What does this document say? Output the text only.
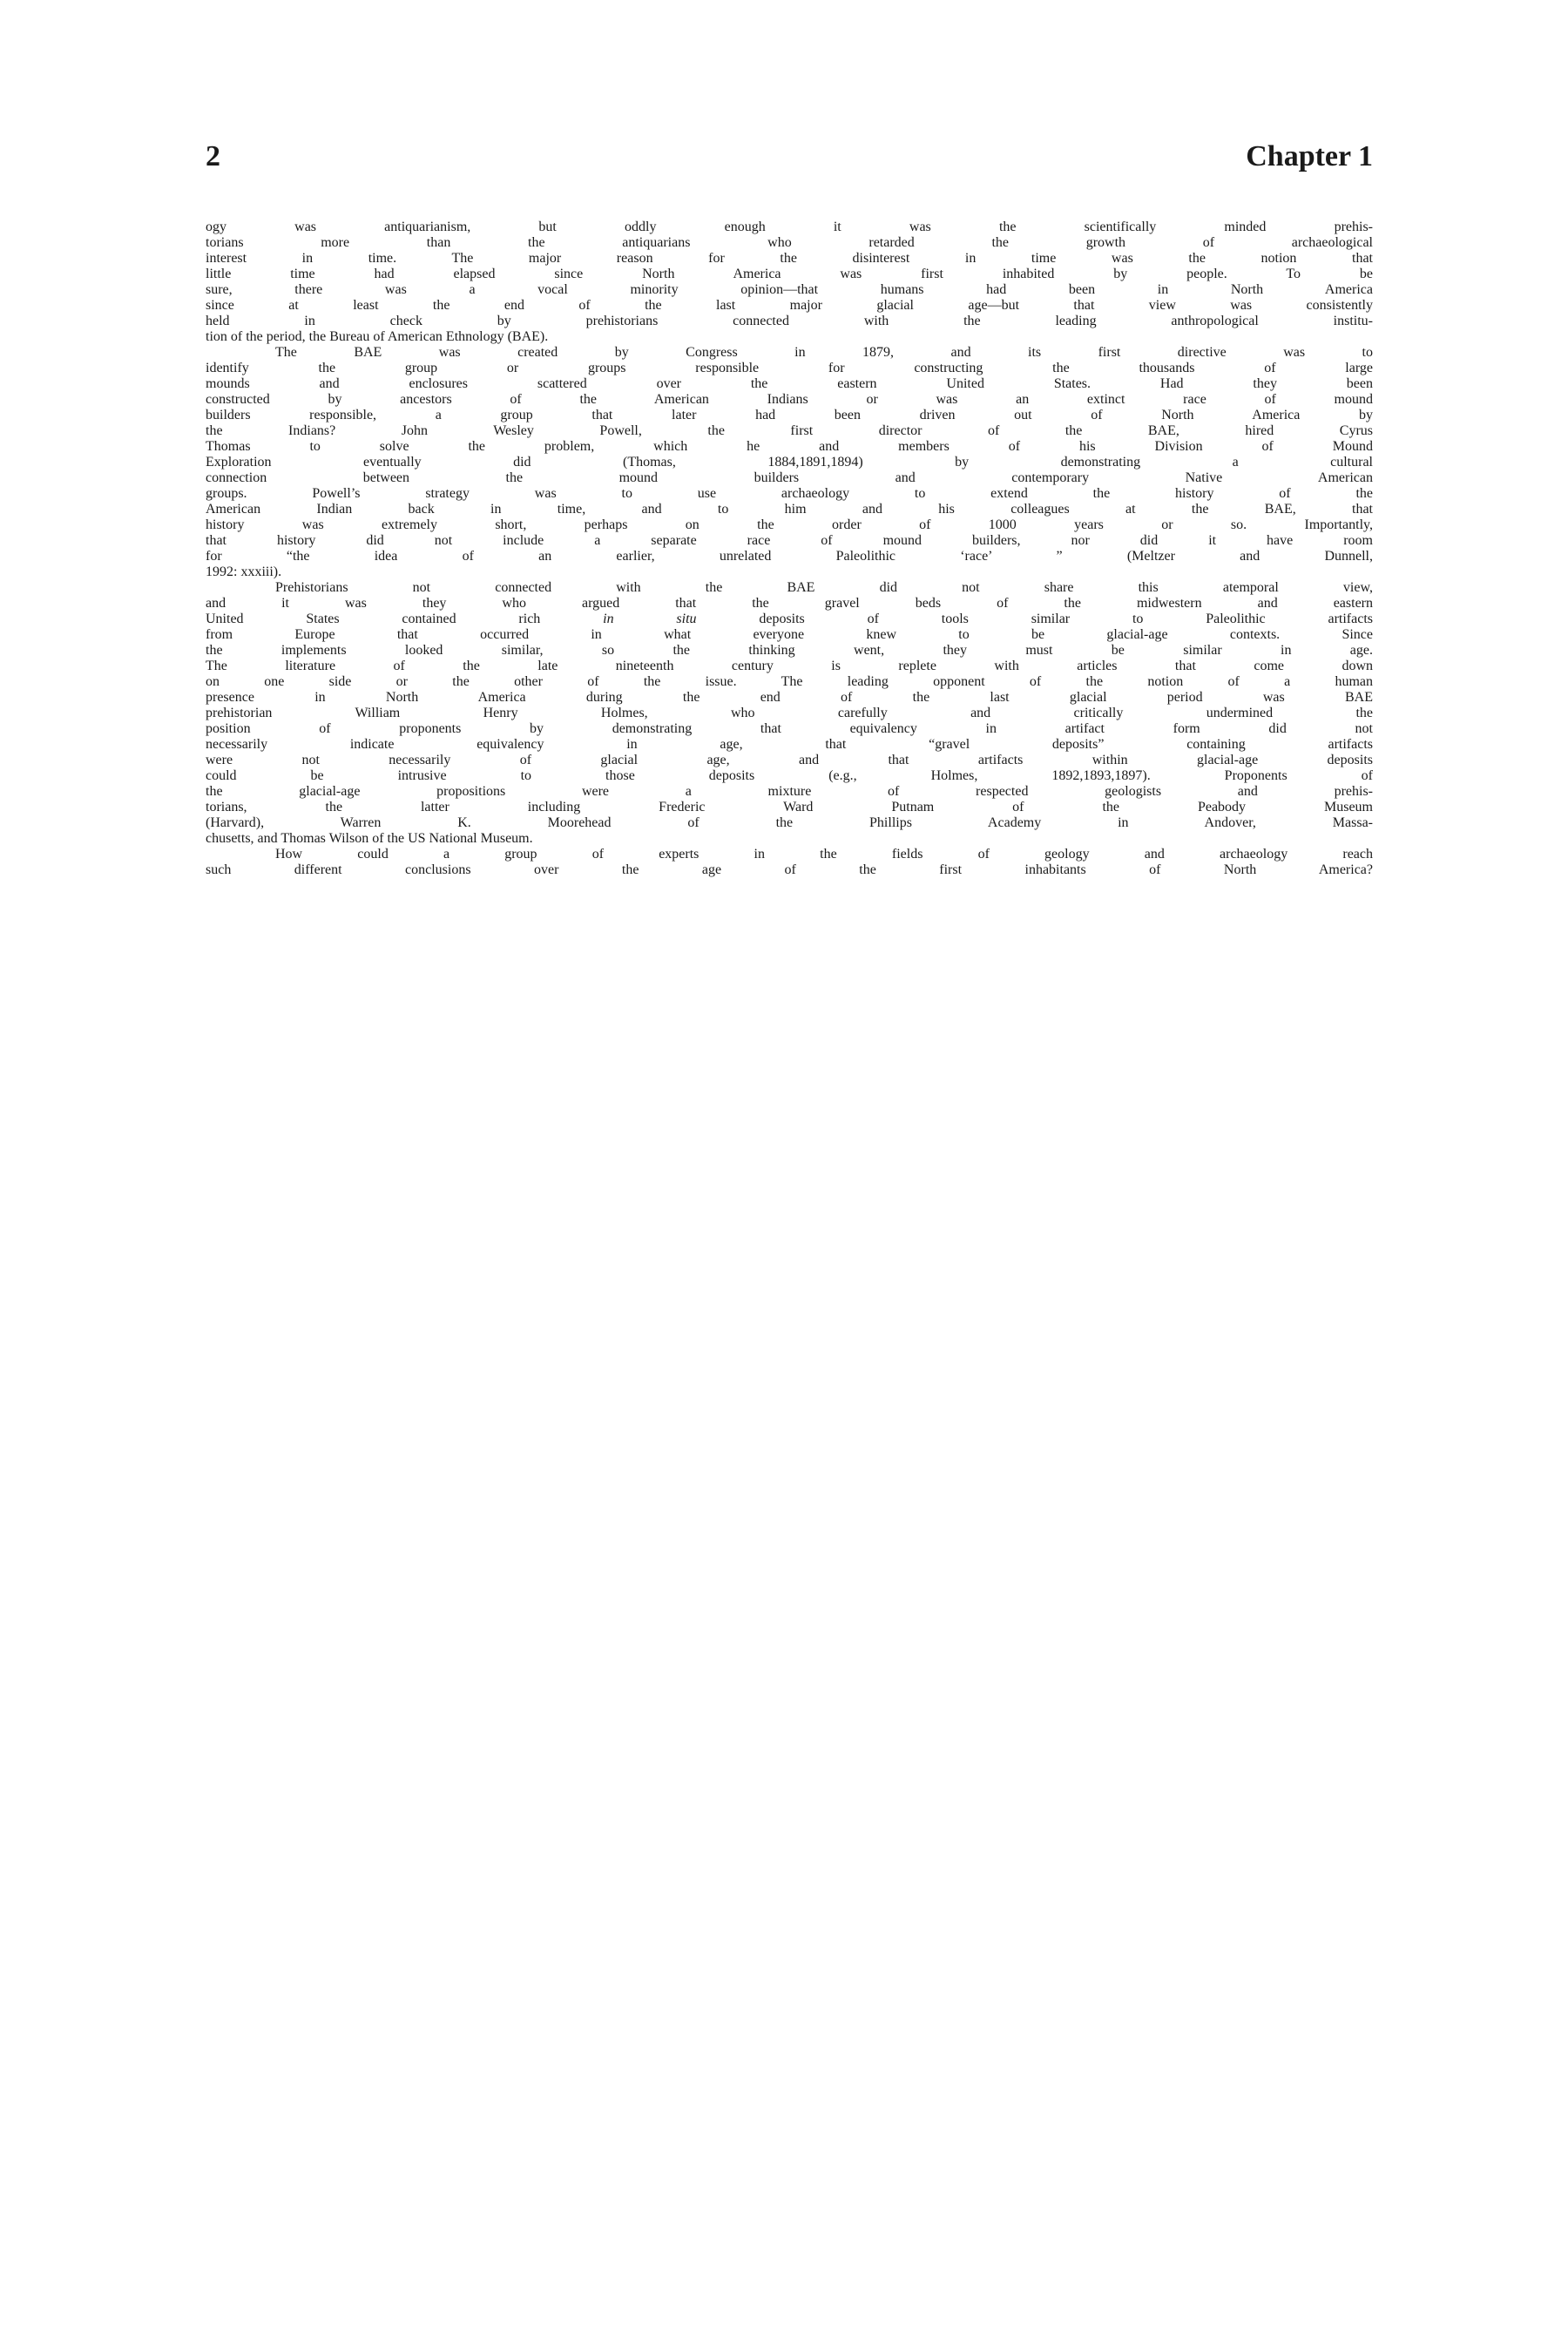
2	Chapter 1
ogy was antiquarianism, but oddly enough it was the scientifically minded prehis-
torians more than the antiquarians who retarded the growth of archaeological
interest in time. The major reason for the disinterest in time was the notion that
little time had elapsed since North America was first inhabited by people. To be
sure, there was a vocal minority opinion—that humans had been in North America
since at least the end of the last major glacial age—but that view was consistently
held in check by prehistorians connected with the leading anthropological institu-
tion of the period, the Bureau of American Ethnology (BAE).
The BAE was created by Congress in 1879, and its first directive was to
identify the group or groups responsible for constructing the thousands of large
mounds and enclosures scattered over the eastern United States. Had they been
constructed by ancestors of the American Indians or was an extinct race of mound
builders responsible, a group that later had been driven out of North America by
the Indians? John Wesley Powell, the first director of the BAE, hired Cyrus
Thomas to solve the problem, which he and members of his Division of Mound
Exploration eventually did (Thomas, 1884,1891,1894) by demonstrating a cultural
connection between the mound builders and contemporary Native American
groups. Powell’s strategy was to use archaeology to extend the history of the
American Indian back in time, and to him and his colleagues at the BAE, that
history was extremely short, perhaps on the order of 1000 years or so. Importantly,
that history did not include a separate race of mound builders, nor did it have room
for “the idea of an earlier, unrelated Paleolithic ‘race’ ” (Meltzer and Dunnell,
1992: xxxiii).
Prehistorians not connected with the BAE did not share this atemporal view,
and it was they who argued that the gravel beds of the midwestern and eastern
United States contained rich in situ deposits of tools similar to Paleolithic artifacts
from Europe that occurred in what everyone knew to be glacial-age contexts. Since
the implements looked similar, so the thinking went, they must be similar in age.
The literature of the late nineteenth century is replete with articles that come down
on one side or the other of the issue. The leading opponent of the notion of a human
presence in North America during the end of the last glacial period was BAE
prehistorian William Henry Holmes, who carefully and critically undermined the
position of proponents by demonstrating that equivalency in artifact form did not
necessarily indicate equivalency in age, that “gravel deposits” containing artifacts
were not necessarily of glacial age, and that artifacts within glacial-age deposits
could be intrusive to those deposits (e.g., Holmes, 1892,1893,1897). Proponents of
the glacial-age propositions were a mixture of respected geologists and prehis-
torians, the latter including Frederic Ward Putnam of the Peabody Museum
(Harvard), Warren K. Moorehead of the Phillips Academy in Andover, Massa-
chusetts, and Thomas Wilson of the US National Museum.
How could a group of experts in the fields of geology and archaeology reach
such different conclusions over the age of the first inhabitants of North America?
